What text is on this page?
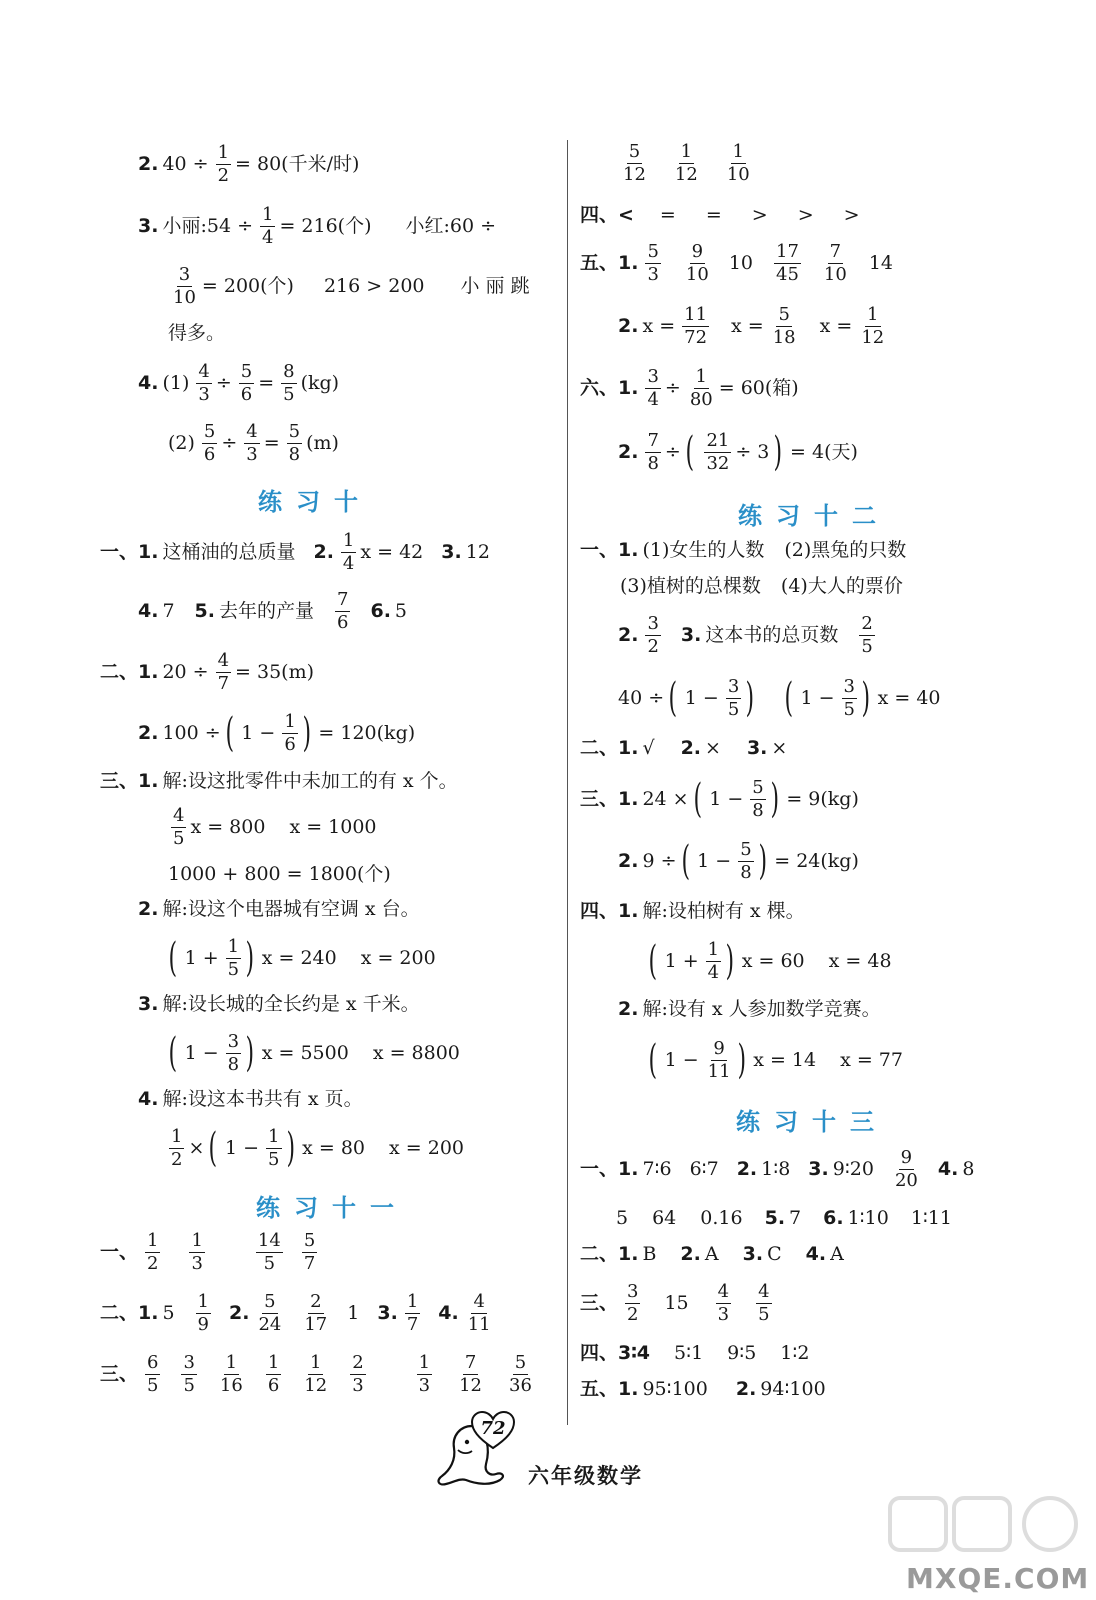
2. $40 \div \frac{1}{2} = 80$(千米/时)
3. 小丽:54 ÷ $\frac{1}{4} = 216$(个) 小红:60 ÷
$\frac{3}{10} = 200$(个) 216 > 200 小 丽 跳
得多。
4. $(1) \frac{4}{3} \div \frac{5}{6} = \frac{8}{5} (kg)$
$(2) \frac{5}{6} \div \frac{4}{3} = \frac{5}{8} (m)$
练习十
一、1. 这桶油的总质量 2. $\frac{1}{4}$ x = 42 3. 12
4. 7 5. 去年的产量 $\frac{7}{6} 6$. 5
二、1. $20 \div \frac{4}{7} = 35(m)$
2. 100 ÷ ( $1 - \frac{1}{6}$ ) = 120(kg)
三、1. 解:设这批零件中未加工的有 x 个。
$\frac{4}{5}$ x = 800 x = 1000
1000 + 800 = 1800(个)
2. 解:设这个电器城有空调 x 台。
( $1 + \frac{1}{5}$ ) x = 240 x = 200
3. 解:设长城的全长约是 x 千米。
( $1 - \frac{3}{8}$ ) x = 5500 x = 8800
4. 解:设这本书共有 x 页。
$\frac{1}{2}$ × ( $1 - \frac{1}{5}$ ) x = 80 x = 200
练习十一
一、 $\frac{1}{2} \frac{1}{3}$	$\frac{14}{5} \frac{5}{7}$
二、1. $5 \frac{1}{9} 2$. $\frac{5}{24} \frac{2}{17} 1$ 3. $\frac{1}{7} 4$. $\frac{4}{11}$
三、 $\frac{6}{5} \frac{3}{5} \frac{1}{16} \frac{1}{6} \frac{1}{12} \frac{2}{3}$	$\frac{1}{3} \frac{7}{12} \frac{5}{36}$
$\frac{5}{12} \frac{1}{12} \frac{1}{10}$
四、< = = > > >
五、1. $\frac{5}{3} \frac{9}{10} 10 \frac{17}{45} \frac{7}{10} 14$
2. $x = \frac{11}{72}$ $x = \frac{5}{18}$ $x = \frac{1}{12}$
六、1. $\frac{3}{4} \div \frac{1}{80} = 60$(箱)
2. $\frac{7}{8}$ ÷ ( $\frac{21}{32} \div 3$ ) = 4(天)
练习十二
一、1. (1)女生的人数 (2)黑兔的只数
(3)植树的总棵数 (4)大人的票价
2. $\frac{3}{2} 3$. 这本书的总页数 $\frac{2}{5}$
40 ÷ ( $1 - \frac{3}{5}$ ) ( $1 - \frac{3}{5}$ ) x = 40
二、1. √ 2. × 3. ×
三、1. 24 × ( $1 - \frac{5}{8}$ ) = 9(kg)
2. 9 ÷ ( $1 - \frac{5}{8}$ ) = 24(kg)
四、1. 解:设柏树有 x 棵。
( $1 + \frac{1}{4}$ ) x = 60 x = 48
2. 解:设有 x 人参加数学竞赛。
( $1 - \frac{9}{11}$ ) x = 14 x = 77
练习十三
一、1. 7∶6 6∶7 2. 1∶8 3. 9∶20 $\frac{9}{20} 4$. 8
5 64 0.16 5. 7 6. 1∶10 1∶11
二、1. B 2. A 3. C 4. A
三、 $\frac{3}{2} 15 \frac{4}{3} \frac{4}{5}$
四、3∶4 5∶1 9∶5 1∶2
五、1. 95∶100 2. 94∶100
72
六年级数学
MXQE.COM
